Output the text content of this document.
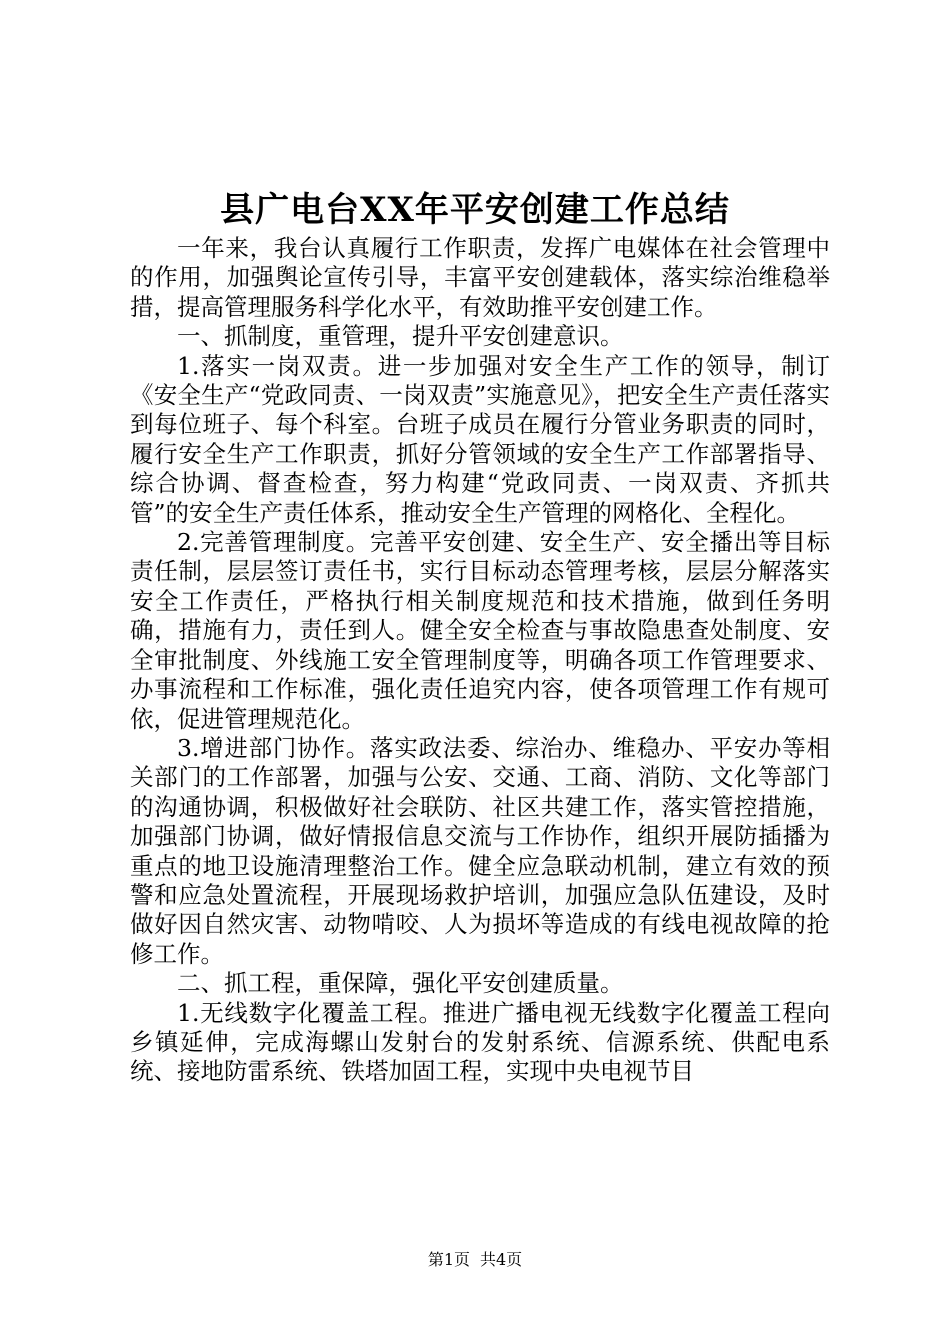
县广电台XX年平安创建工作总结

一年来，我台认真履行工作职责，发挥广电媒体在社会管理中的作用，加强舆论宣传引导，丰富平安创建载体，落实综治维稳举措，提高管理服务科学化水平，有效助推平安创建工作。

一、抓制度，重管理，提升平安创建意识。

1.落实一岗双责。进一步加强对安全生产工作的领导，制订《安全生产“党政同责、一岗双责”实施意见》，把安全生产责任落实到每位班子、每个科室。台班子成员在履行分管业务职责的同时，履行安全生产工作职责，抓好分管领域的安全生产工作部署指导、综合协调、督查检查，努力构建“党政同责、一岗双责、齐抓共管”的安全生产责任体系，推动安全生产管理的网格化、全程化。

2.完善管理制度。完善平安创建、安全生产、安全播出等目标责任制，层层签订责任书，实行目标动态管理考核，层层分解落实安全工作责任，严格执行相关制度规范和技术措施，做到任务明确，措施有力，责任到人。健全安全检查与事故隐患查处制度、安全审批制度、外线施工安全管理制度等，明确各项工作管理要求、办事流程和工作标准，强化责任追究内容，使各项管理工作有规可依，促进管理规范化。

3.增进部门协作。落实政法委、综治办、维稳办、平安办等相关部门的工作部署，加强与公安、交通、工商、消防、文化等部门的沟通协调，积极做好社会联防、社区共建工作，落实管控措施，加强部门协调，做好情报信息交流与工作协作，组织开展防插播为重点的地卫设施清理整治工作。健全应急联动机制，建立有效的预警和应急处置流程，开展现场救护培训，加强应急队伍建设，及时做好因自然灾害、动物啃咬、人为损坏等造成的有线电视故障的抢修工作。

二、抓工程，重保障，强化平安创建质量。

1.无线数字化覆盖工程。推进广播电视无线数字化覆盖工程向乡镇延伸，完成海螺山发射台的发射系统、信源系统、供配电系统、接地防雷系统、铁塔加固工程，实现中央电视节目

第1页 共4页
